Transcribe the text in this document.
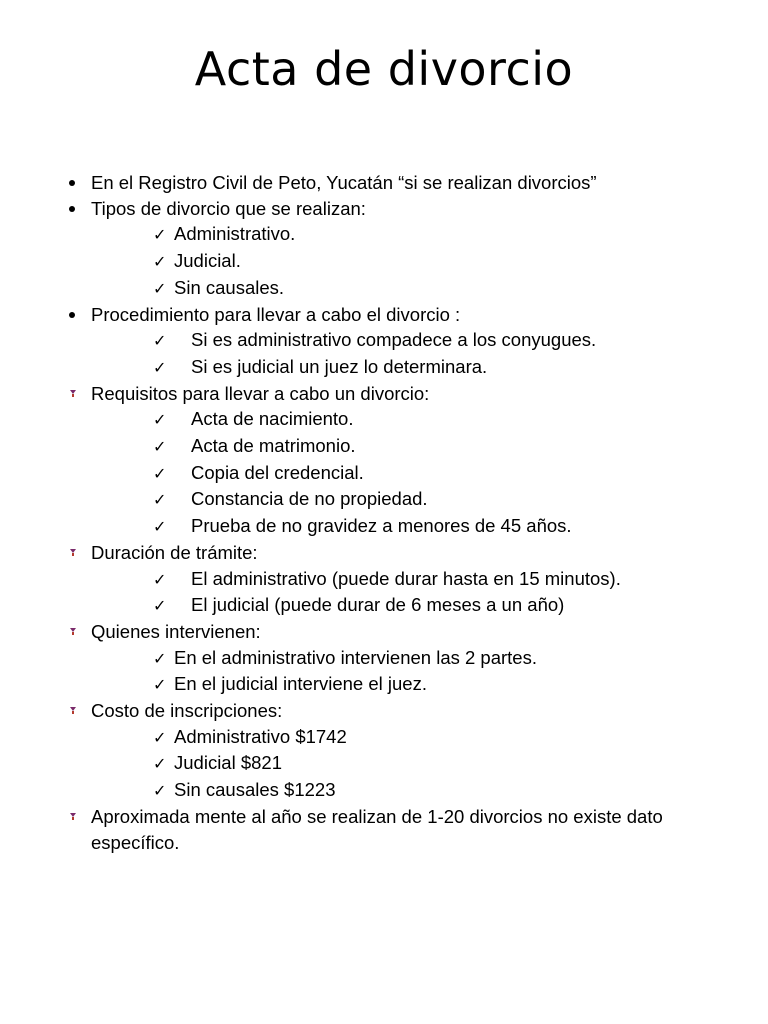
Acta de divorcio
En el Registro Civil de Peto, Yucatán “si se realizan divorcios”
Tipos de divorcio que se realizan:
✓ Administrativo.
✓ Judicial.
✓ Sin causales.
Procedimiento para llevar a cabo el divorcio :
✓ Si es administrativo compadece a los conyugues.
✓ Si es judicial un juez lo determinara.
Requisitos para llevar a cabo un divorcio:
✓ Acta de nacimiento.
✓ Acta de matrimonio.
✓ Copia del credencial.
✓ Constancia de no propiedad.
✓ Prueba de no gravidez a menores de 45 años.
Duración de trámite:
✓ El administrativo (puede durar hasta en 15 minutos).
✓ El judicial (puede durar de 6 meses a un año)
Quienes intervienen:
✓ En el administrativo intervienen las 2 partes.
✓ En el judicial interviene el juez.
Costo de inscripciones:
✓ Administrativo $1742
✓ Judicial $821
✓ Sin causales $1223
Aproximada mente al año se realizan de 1-20 divorcios no existe dato específico.
